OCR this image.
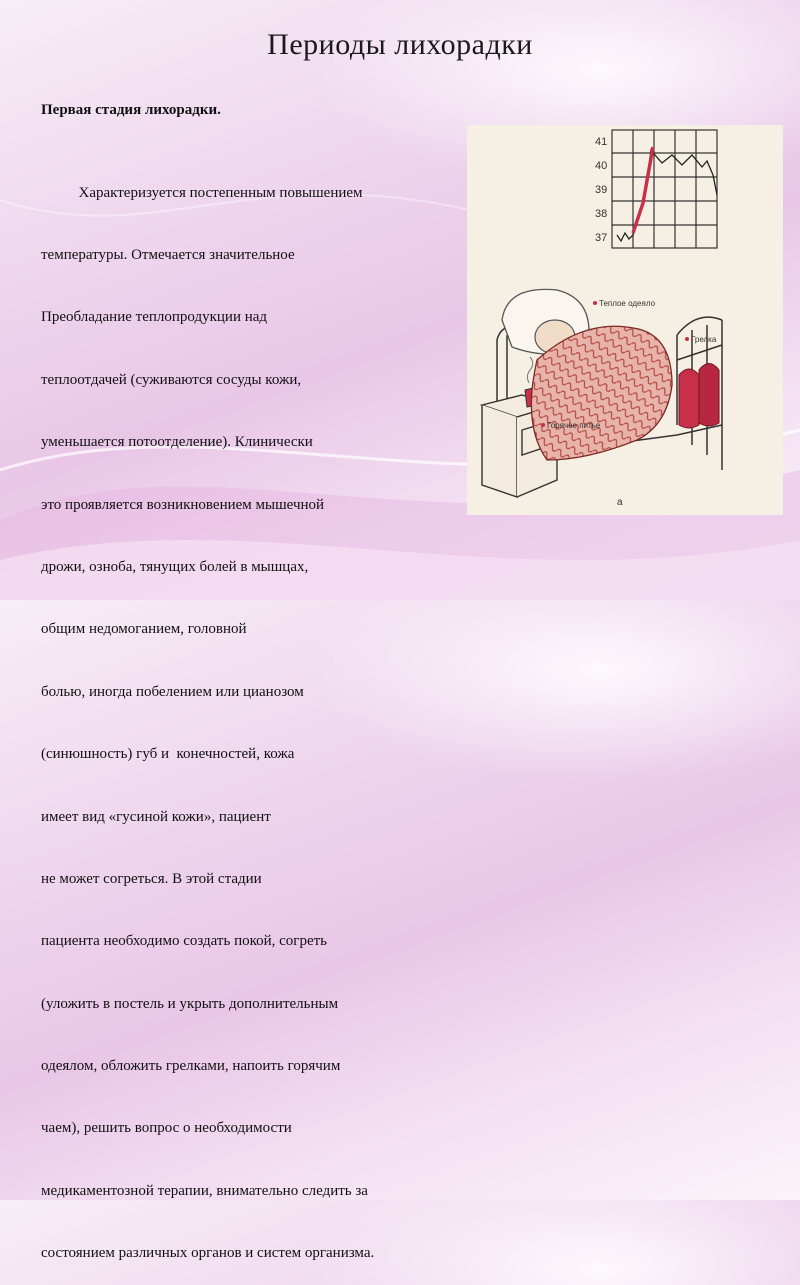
Периоды лихорадки
Первая стадия лихорадки.

Характеризуется постепенным повышением

температуры. Отмечается значительное

Преобладание теплопродукции над

теплоотдачей (суживаются сосуды кожи,

уменьшается потоотделение). Клинически

это проявляется возникновением мышечной

дрожи, озноба, тянущих болей в мышцах,

общим недомоганием, головной

болью, иногда побелением или цианозом

(синюшность) губ и  конечностей, кожа

имеет вид «гусиной кожи», пациент

не может согреться. В этой стадии

пациента необходимо создать покой, согреть

(уложить в постель и укрыть дополнительным

одеялом, обложить грелками, напоить горячим

чаем), решить вопрос о необходимости

медикаментозной терапии, внимательно следить за

состоянием различных органов и систем организма.

41
40
39
38
37
Теплое одеяло
Грелка
Горячее питье
а
